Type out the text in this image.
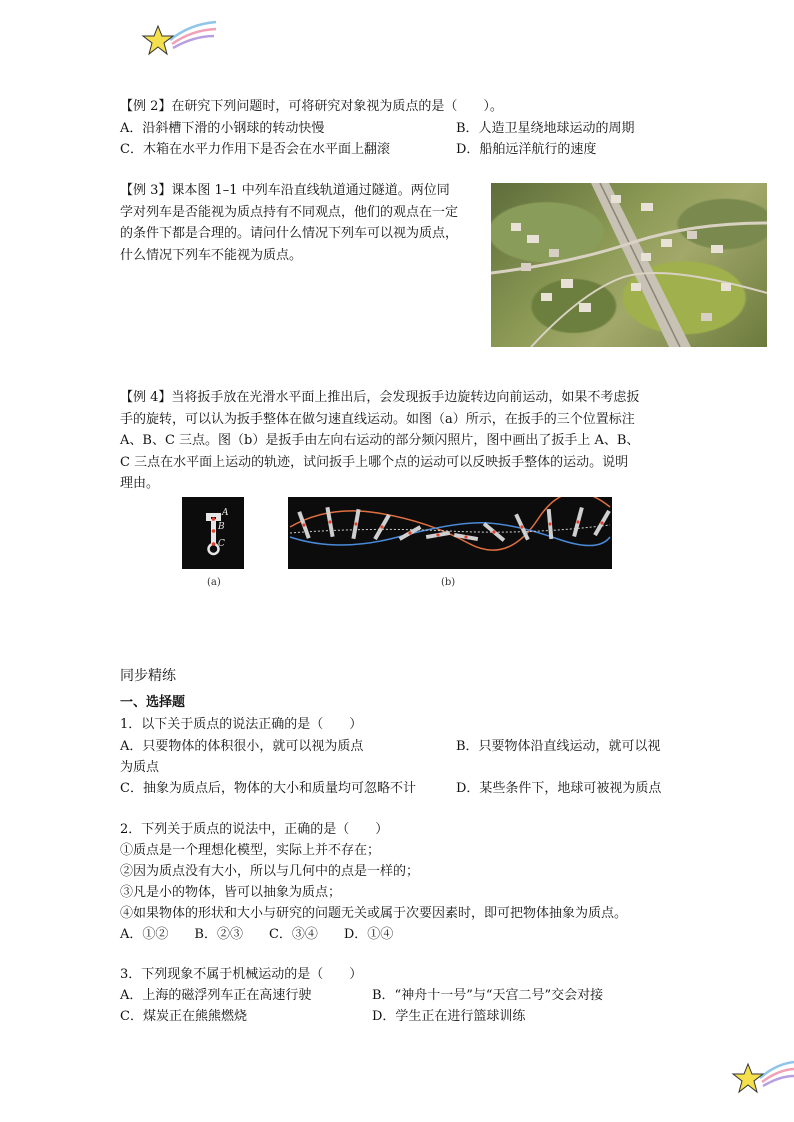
【例 2】在研究下列问题时，可将研究对象视为质点的是（　　）。
A．沿斜槽下滑的小钢球的转动快慢	B．人造卫星绕地球运动的周期
C．木箱在水平力作用下是否会在水平面上翻滚	D．船舶远洋航行的速度
【例 3】课本图 1–1 中列车沿直线轨道通过隧道。两位同
学对列车是否能视为质点持有不同观点，他们的观点在一定
的条件下都是合理的。请问什么情况下列车可以视为质点，
什么情况下列车不能视为质点。
【例 4】当将扳手放在光滑水平面上推出后，会发现扳手边旋转边向前运动，如果不考虑扳
手的旋转，可以认为扳手整体在做匀速直线运动。如图（a）所示，在扳手的三个位置标注
A、B、C 三点。图（b）是扳手由左向右运动的部分频闪照片，图中画出了扳手上 A、B、
C 三点在水平面上运动的轨迹，试问扳手上哪个点的运动可以反映扳手整体的运动。说明
理由。
A
B
C
(a)	(b)
同步精练
一、选择题
1．以下关于质点的说法正确的是（　　）
A．只要物体的体积很小，就可以视为质点	B．只要物体沿直线运动，就可以视
为质点
C．抽象为质点后，物体的大小和质量均可忽略不计	D．某些条件下，地球可被视为质点
2．下列关于质点的说法中，正确的是（　　）
①质点是一个理想化模型，实际上并不存在；
②因为质点没有大小，所以与几何中的点是一样的；
③凡是小的物体，皆可以抽象为质点；
④如果物体的形状和大小与研究的问题无关或属于次要因素时，即可把物体抽象为质点。
A．①②　　B．②③　　C．③④　　D．①④
3．下列现象不属于机械运动的是（　　）
A．上海的磁浮列车正在高速行驶	B．“神舟十一号”与“天宫二号”交会对接
C．煤炭正在熊熊燃烧	D．学生正在进行篮球训练
